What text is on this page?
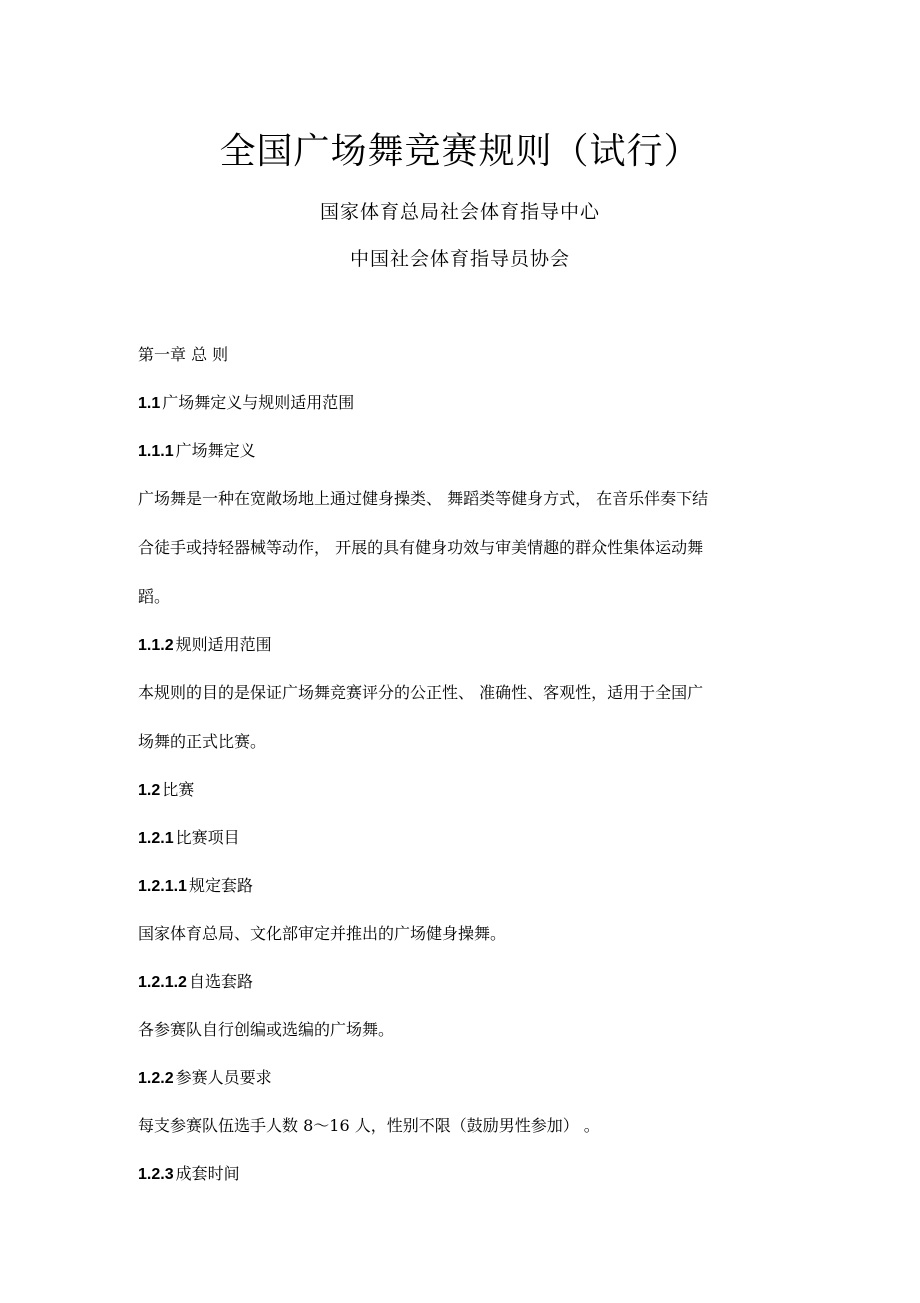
全国广场舞竞赛规则（试行）
国家体育总局社会体育指导中心
中国社会体育指导员协会
第一章 总 则
1.1 广场舞定义与规则适用范围
1.1.1 广场舞定义
广场舞是一种在宽敞场地上通过健身操类、 舞蹈类等健身方式， 在音乐伴奏下结
合徒手或持轻器械等动作， 开展的具有健身功效与审美情趣的群众性集体运动舞
蹈。
1.1.2 规则适用范围
本规则的目的是保证广场舞竞赛评分的公正性、 准确性、客观性，适用于全国广
场舞的正式比赛。
1.2 比赛
1.2.1 比赛项目
1.2.1.1 规定套路
国家体育总局、文化部审定并推出的广场健身操舞。
1.2.1.2 自选套路
各参赛队自行创编或选编的广场舞。
1.2.2 参赛人员要求
每支参赛队伍选手人数 8～16 人，性别不限（鼓励男性参加） 。
1.2.3 成套时间
